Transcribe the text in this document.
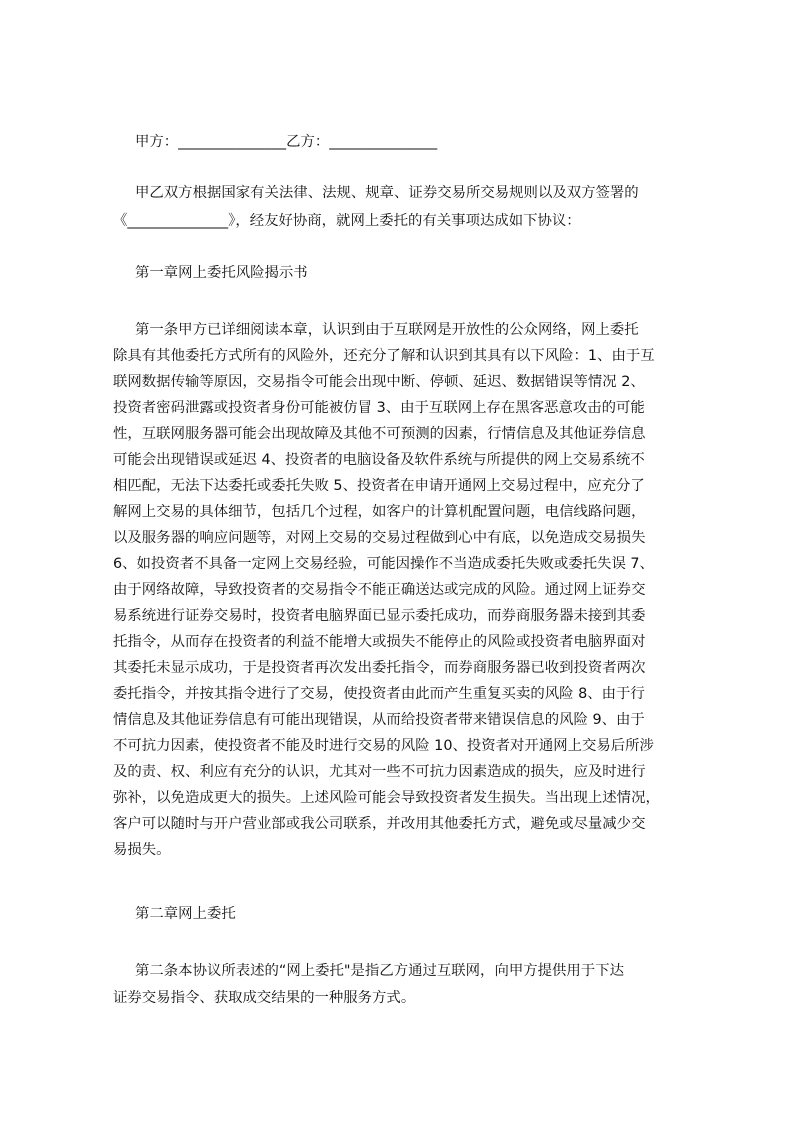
甲方：_______________乙方：_______________
甲乙双方根据国家有关法律、法规、规章、证券交易所交易规则以及双方签署的
《______________》，经友好协商，就网上委托的有关事项达成如下协议：
第一章网上委托风险揭示书
第一条甲方已详细阅读本章，认识到由于互联网是开放性的公众网络，网上委托
除具有其他委托方式所有的风险外，还充分了解和认识到其具有以下风险：1、由于互
联网数据传输等原因，交易指令可能会出现中断、停顿、延迟、数据错误等情况 2、
投资者密码泄露或投资者身份可能被仿冒 3、由于互联网上存在黑客恶意攻击的可能
性，互联网服务器可能会出现故障及其他不可预测的因素，行情信息及其他证券信息
可能会出现错误或延迟 4、投资者的电脑设备及软件系统与所提供的网上交易系统不
相匹配，无法下达委托或委托失败 5、投资者在申请开通网上交易过程中，应充分了
解网上交易的具体细节，包括几个过程，如客户的计算机配置问题，电信线路问题，
以及服务器的响应问题等，对网上交易的交易过程做到心中有底，以免造成交易损失
6、如投资者不具备一定网上交易经验，可能因操作不当造成委托失败或委托失误 7、
由于网络故障，导致投资者的交易指令不能正确送达或完成的风险。通过网上证券交
易系统进行证券交易时，投资者电脑界面已显示委托成功，而券商服务器未接到其委
托指令，从而存在投资者的利益不能增大或损失不能停止的风险或投资者电脑界面对
其委托未显示成功，于是投资者再次发出委托指令，而券商服务器已收到投资者两次
委托指令，并按其指令进行了交易，使投资者由此而产生重复买卖的风险 8、由于行
情信息及其他证券信息有可能出现错误，从而给投资者带来错误信息的风险 9、由于
不可抗力因素，使投资者不能及时进行交易的风险 10、投资者对开通网上交易后所涉
及的责、权、利应有充分的认识，尤其对一些不可抗力因素造成的损失，应及时进行
弥补，以免造成更大的损失。上述风险可能会导致投资者发生损失。当出现上述情况，
客户可以随时与开户营业部或我公司联系，并改用其他委托方式，避免或尽量减少交
易损失。
第二章网上委托
第二条本协议所表述的“网上委托"是指乙方通过互联网，向甲方提供用于下达
证券交易指令、获取成交结果的一种服务方式。
